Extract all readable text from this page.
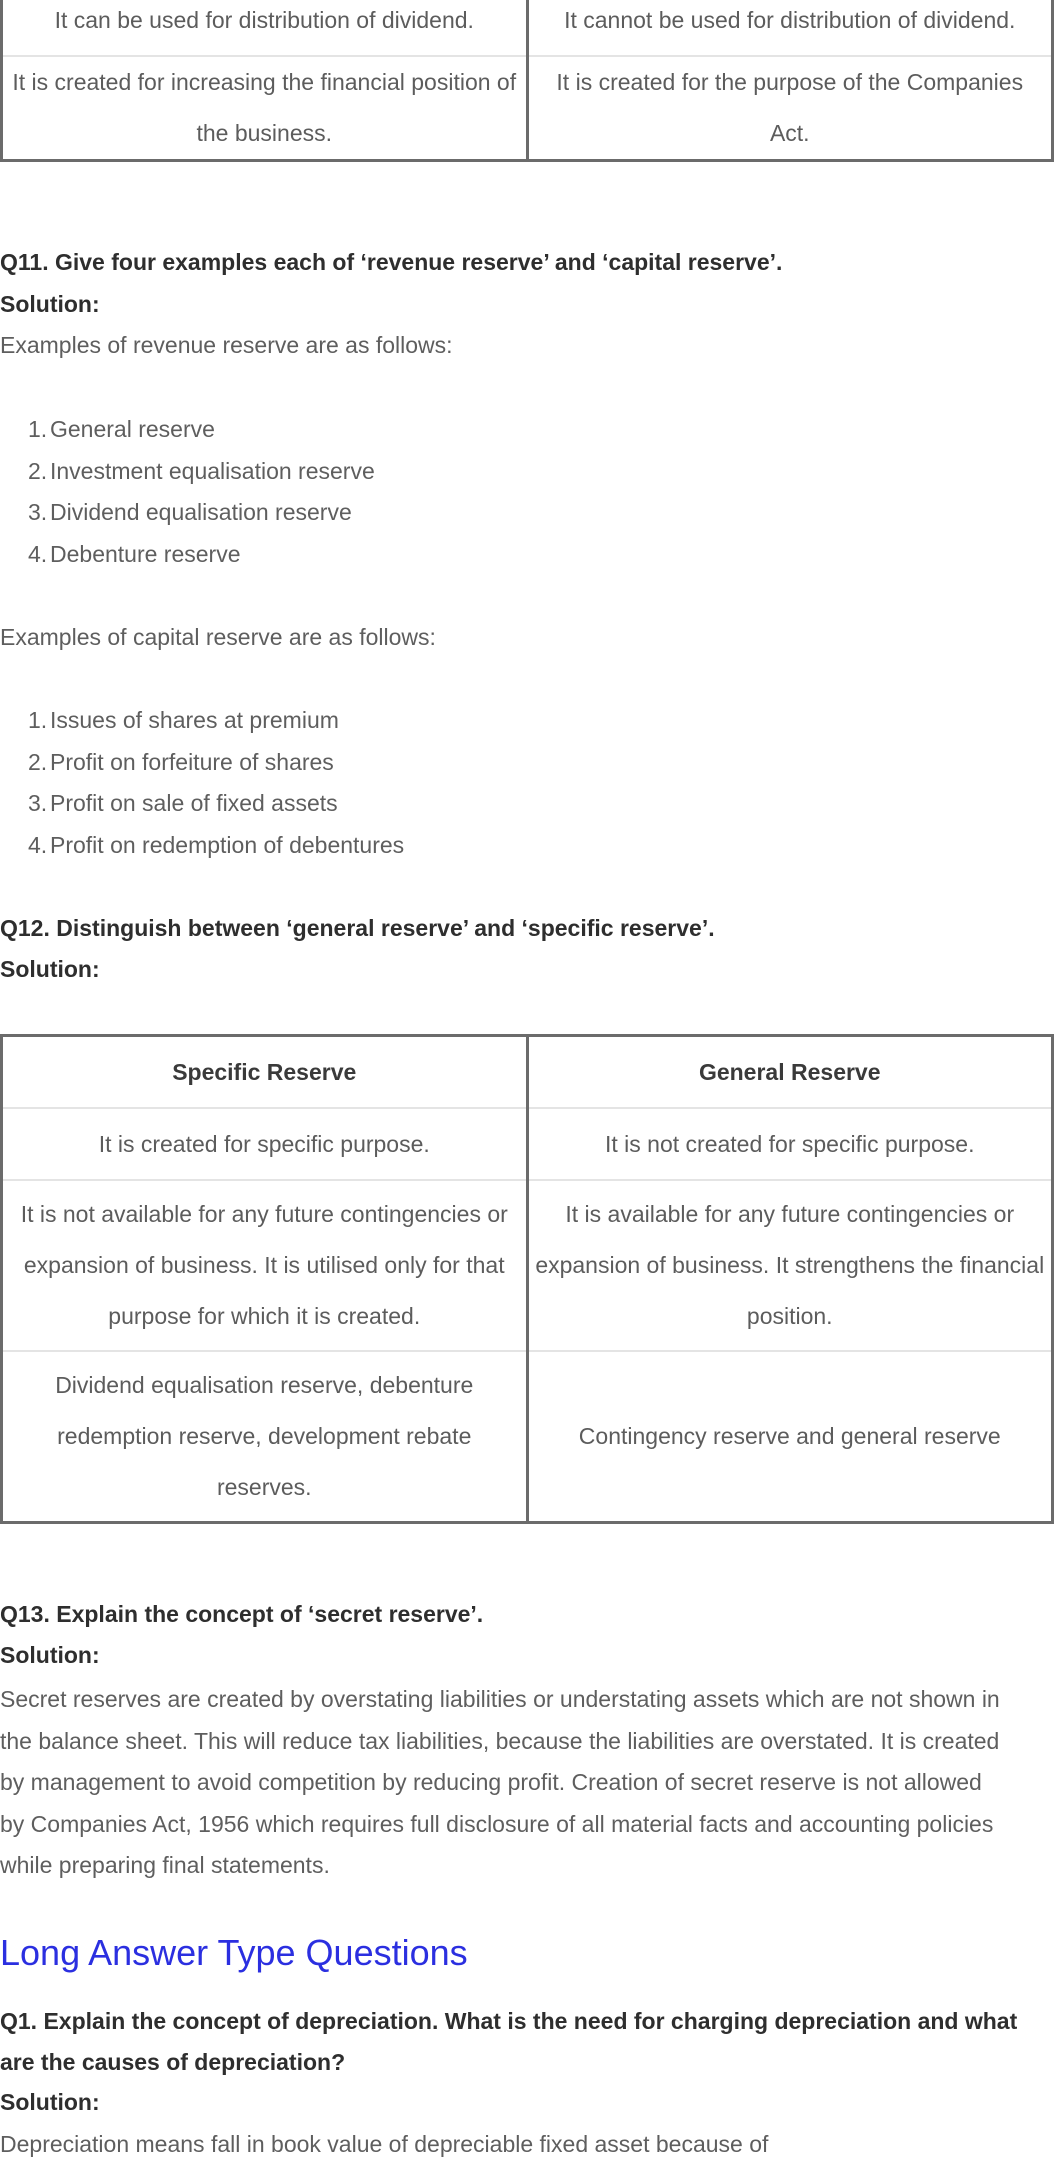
It can be used for distribution of dividend.	It cannot be used for distribution of dividend.
It is created for increasing the financial position of the business.	It is created for the purpose of the Companies Act.
Q11. Give four examples each of ‘revenue reserve’ and ‘capital reserve’.
Solution:
Examples of revenue reserve are as follows:
1. General reserve
2. Investment equalisation reserve
3. Dividend equalisation reserve
4. Debenture reserve
Examples of capital reserve are as follows:
1. Issues of shares at premium
2. Profit on forfeiture of shares
3. Profit on sale of fixed assets
4. Profit on redemption of debentures
Q12. Distinguish between ‘general reserve’ and ‘specific reserve’.
Solution:
Specific Reserve	General Reserve
It is created for specific purpose.	It is not created for specific purpose.
It is not available for any future contingencies or expansion of business. It is utilised only for that purpose for which it is created.	It is available for any future contingencies or expansion of business. It strengthens the financial position.
Dividend equalisation reserve, debenture redemption reserve, development rebate reserves.	Contingency reserve and general reserve
Q13. Explain the concept of ‘secret reserve’.
Solution:
Secret reserves are created by overstating liabilities or understating assets which are not shown in the balance sheet. This will reduce tax liabilities, because the liabilities are overstated. It is created by management to avoid competition by reducing profit. Creation of secret reserve is not allowed by Companies Act, 1956 which requires full disclosure of all material facts and accounting policies while preparing final statements.
Long Answer Type Questions
Q1. Explain the concept of depreciation. What is the need for charging depreciation and what are the causes of depreciation?
Solution:
Depreciation means fall in book value of depreciable fixed asset because of
